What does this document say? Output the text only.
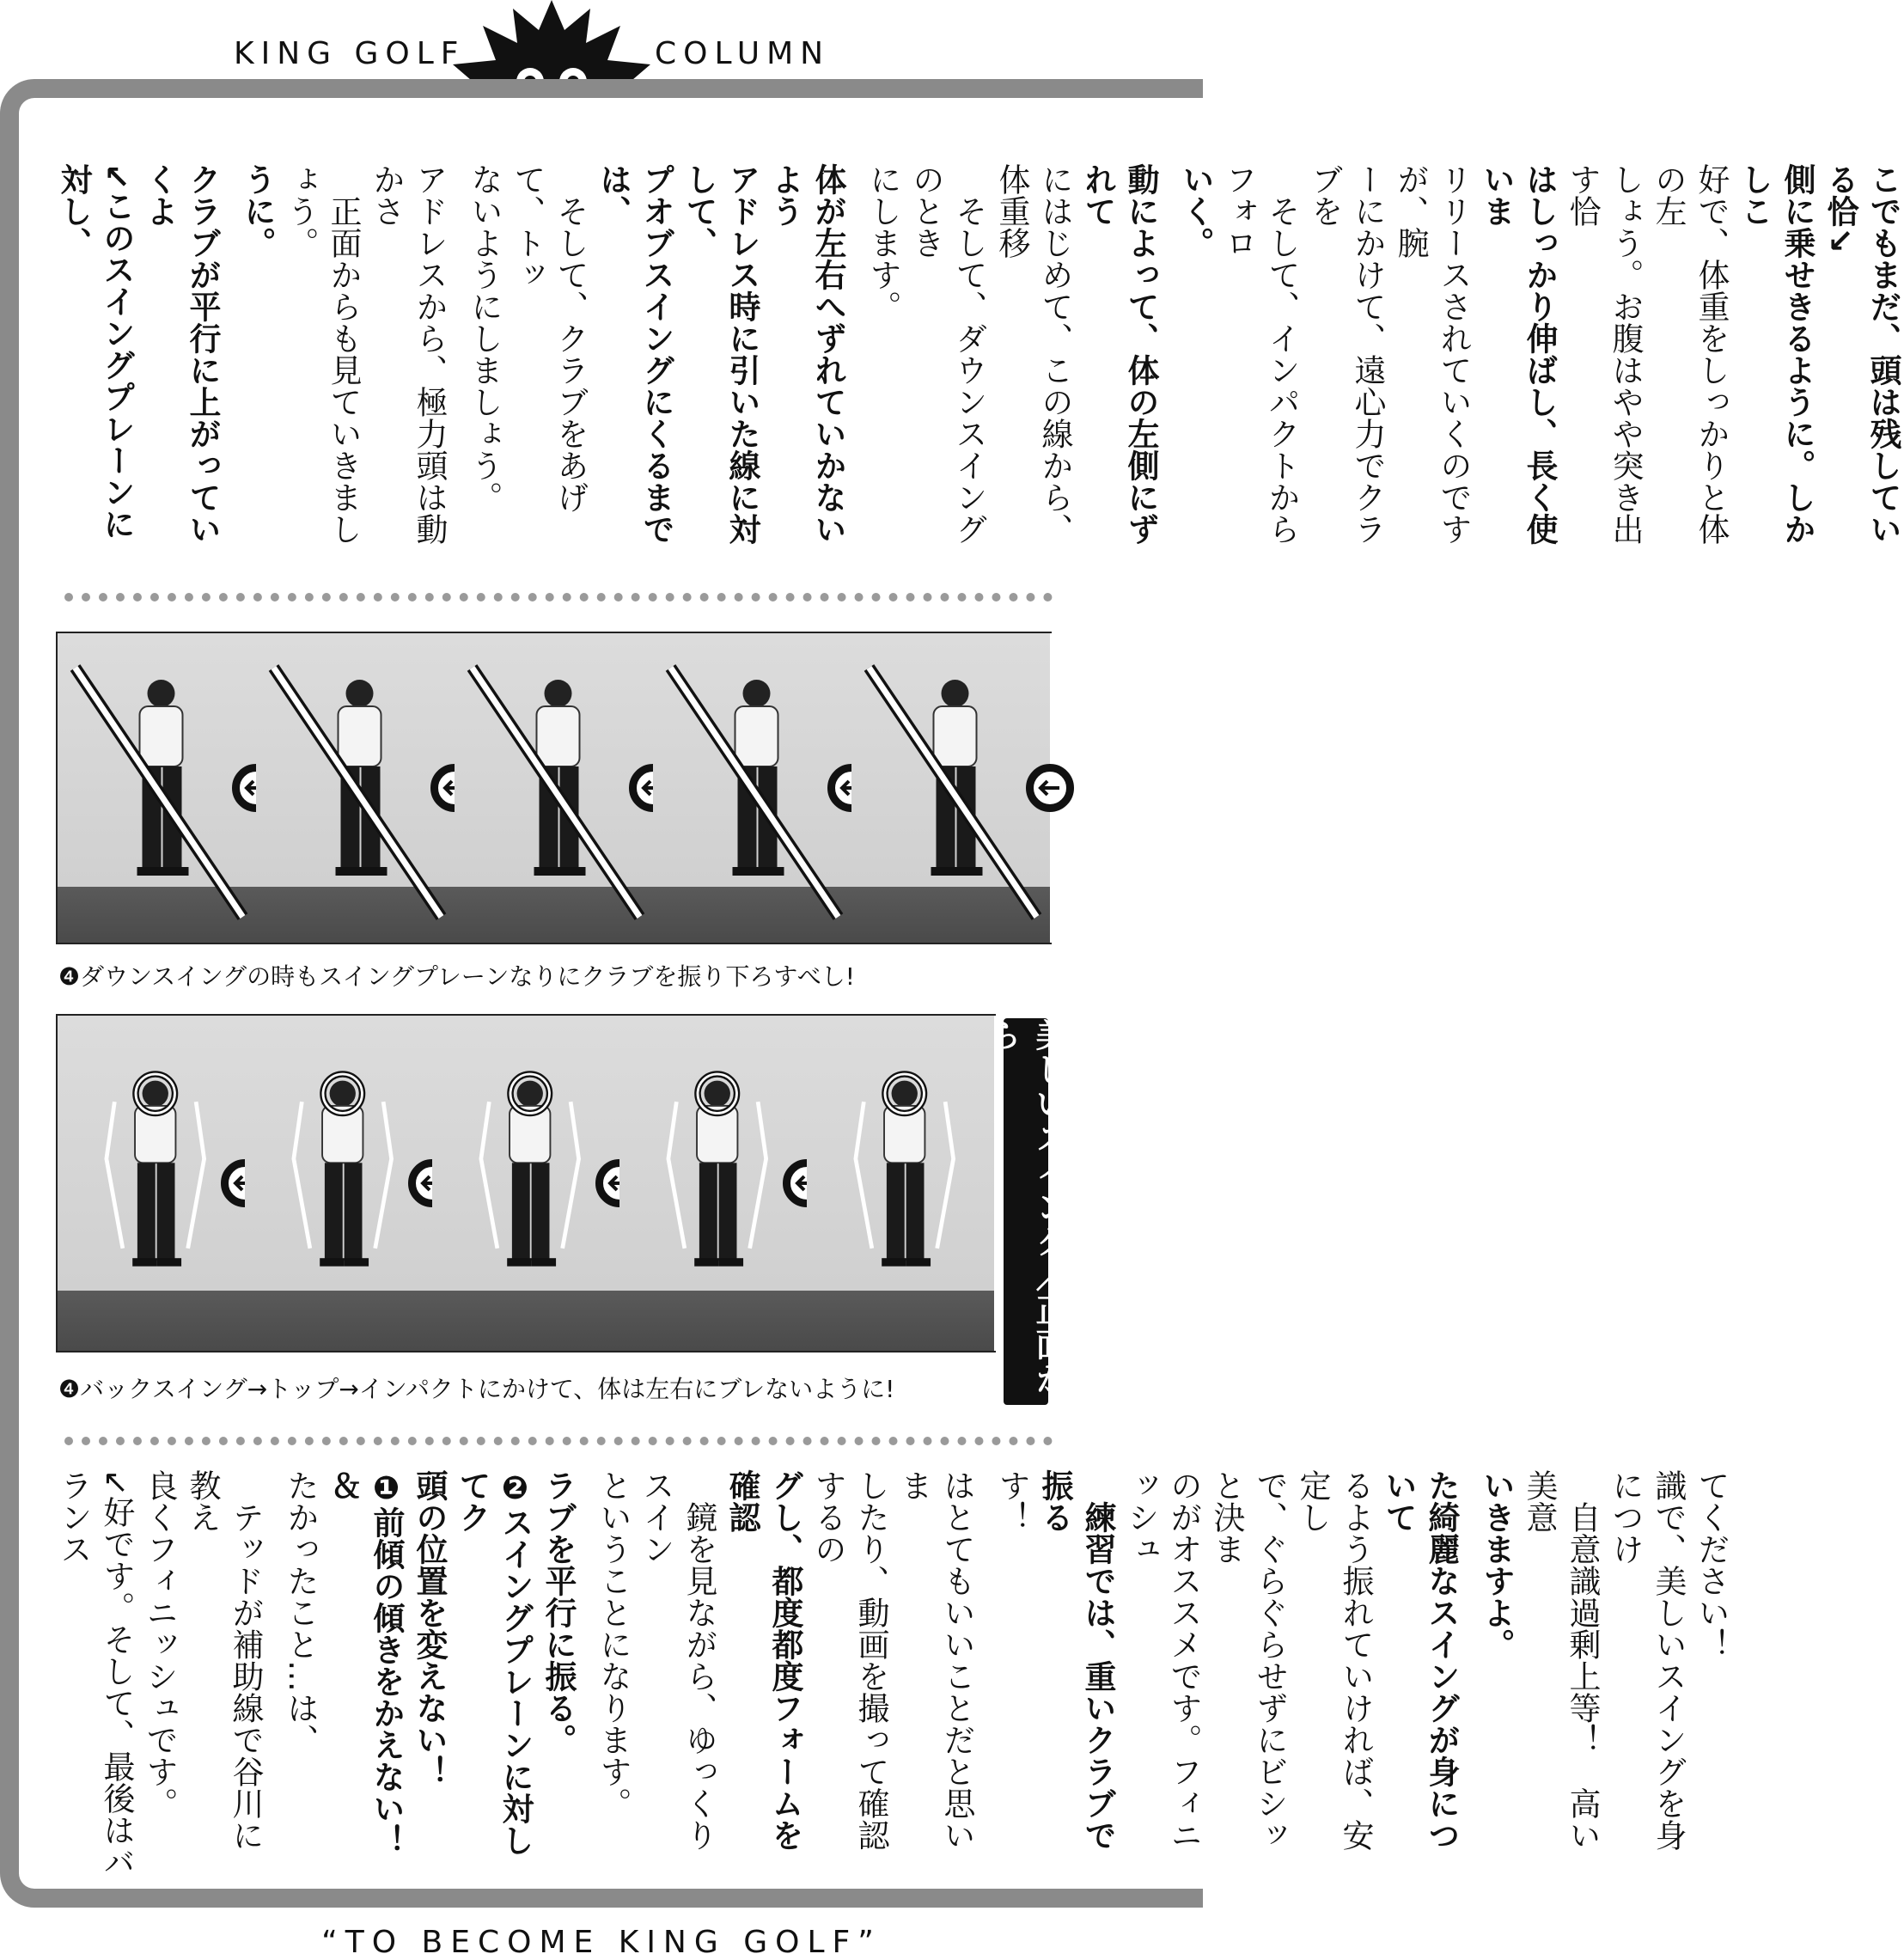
KING GOLF	COLUMN

こでもまだ、頭は残している恰↘

側に乗せきるように。しかしこ

好で、体重をしっかりと体の左

しょう。お腹はやや突き出す恰

はしっかり伸ばし、長く使いま

リリースされていくのですが、腕

ーにかけて、遠心力でクラブを

　そして、インパクトからフォロ

いく。

動によって、体の左側にずれて

にはじめて、この線から、体重移

　そして、ダウンスイングのとき

にします。

体が左右へずれていかないよう

アドレス時に引いた線に対して、

プオブスイングにくるまでは、

　そして、クラブをあげて、トッ

ないようにしましょう。

アドレスから、極力頭は動かさ

　正面からも見ていきましょう。

うに。

クラブが平行に上がっていくよ

↙このスイングプレーンに対し、

❹ダウンスイングの時もスイングプレーンなりにクラブを振り下ろすべし!
❹バックスイング→トップ→インパクトにかけて、体は左右にブレないように!

てください！

識で、美しいスイングを身につけ

　自意識過剰上等！　高い美意

いきますよ。

た綺麗なスイングが身について

るよう振れていければ、安定し

で、ぐらぐらせずにビシッと決ま

のがオススメです。フィニッシュ

　練習では、重いクラブで振る

す！

はとてもいいことだと思いま

したり、動画を撮って確認するの

グし、都度都度フォームを確認

　鏡を見ながら、ゆっくりスイン

ということになります。

ラブを平行に振る。

❷スイングプレーンに対してク

頭の位置を変えない！

❶前傾の傾きをかえない！＆

たかったこと…は、

　テッドが補助線で谷川に教え

良くフィニッシュです。

↙好です。そして、最後はバランス

“TO BECOME KING GOLF”
